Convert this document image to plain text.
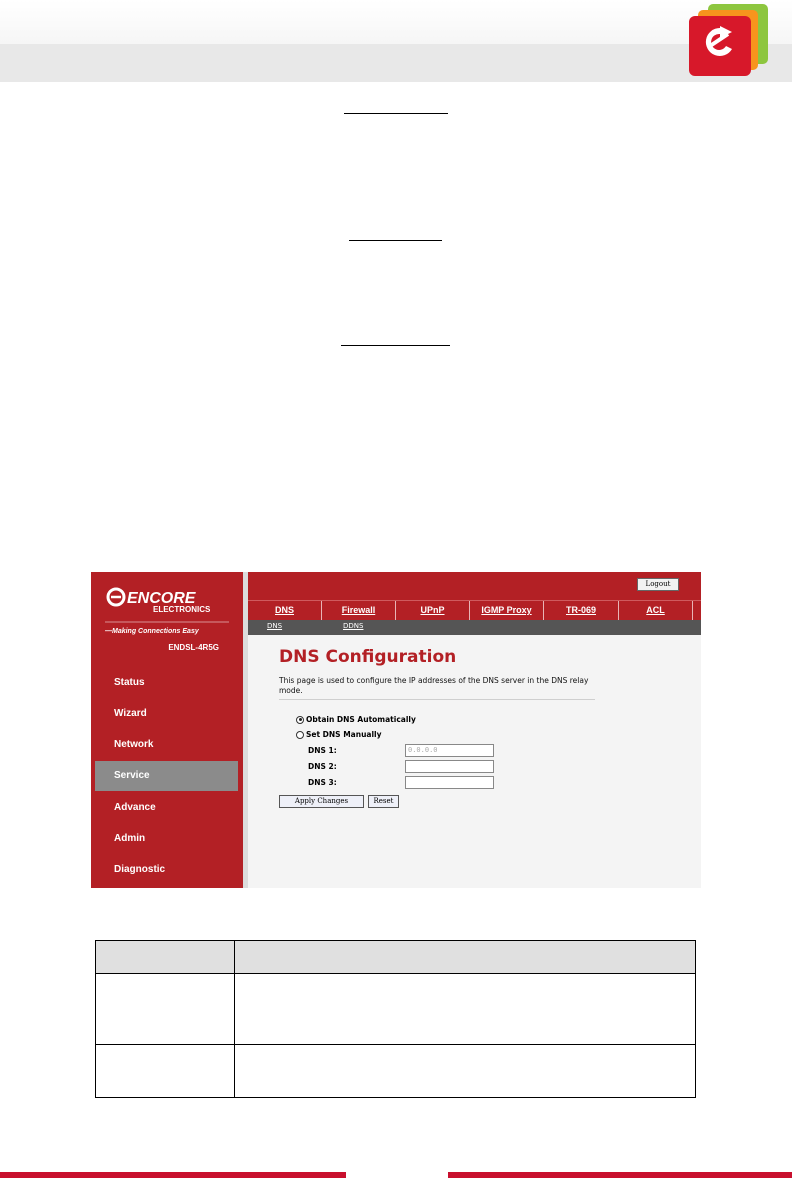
ENCORE
ELECTRONICS
—Making Connections Easy
ENDSL-4R5G
Status
Wizard
Network
Service
Advance
Admin
Diagnostic
Logout
DNS	Firewall	UPnP	IGMP Proxy	TR-069	ACL
DNS	DDNS
DNS Configuration
This page is used to configure the IP addresses of the DNS server in the DNS relay mode.
Obtain DNS Automatically
Set DNS Manually
DNS 1:	0.0.0.0
DNS 2:
DNS 3:
Apply Changes	Reset
